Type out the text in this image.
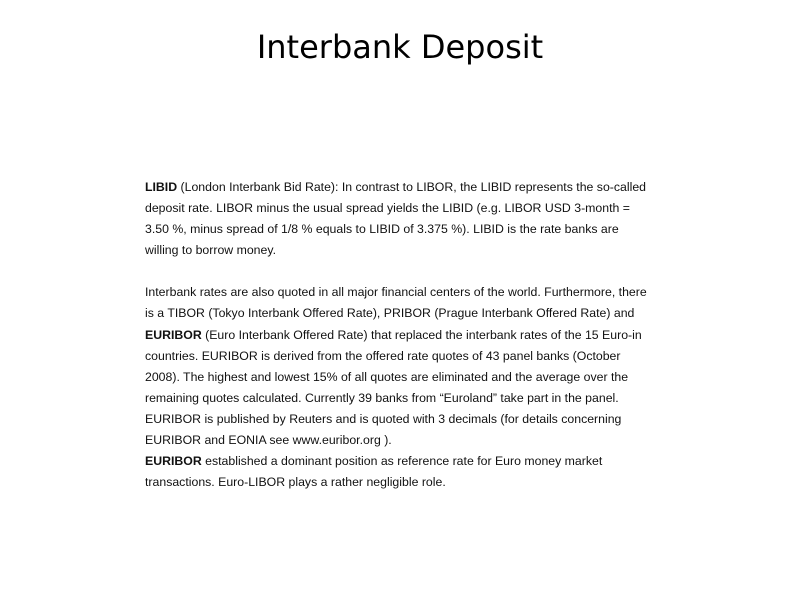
Interbank Deposit

LIBID (London Interbank Bid Rate): In contrast to LIBOR, the LIBID represents the so-called
deposit rate. LIBOR minus the usual spread yields the LIBID (e.g. LIBOR USD 3-month =
3.50 %, minus spread of 1/8 % equals to LIBID of 3.375 %). LIBID is the rate banks are
willing to borrow money.

Interbank rates are also quoted in all major financial centers of the world. Furthermore, there
is a TIBOR (Tokyo Interbank Offered Rate), PRIBOR (Prague Interbank Offered Rate) and
EURIBOR (Euro Interbank Offered Rate) that replaced the interbank rates of the 15 Euro-in
countries. EURIBOR is derived from the offered rate quotes of 43 panel banks (October
2008). The highest and lowest 15% of all quotes are eliminated and the average over the
remaining quotes calculated. Currently 39 banks from “Euroland” take part in the panel.
EURIBOR is published by Reuters and is quoted with 3 decimals (for details concerning
EURIBOR and EONIA see www.euribor.org ).
EURIBOR established a dominant position as reference rate for Euro money market
transactions. Euro-LIBOR plays a rather negligible role.
